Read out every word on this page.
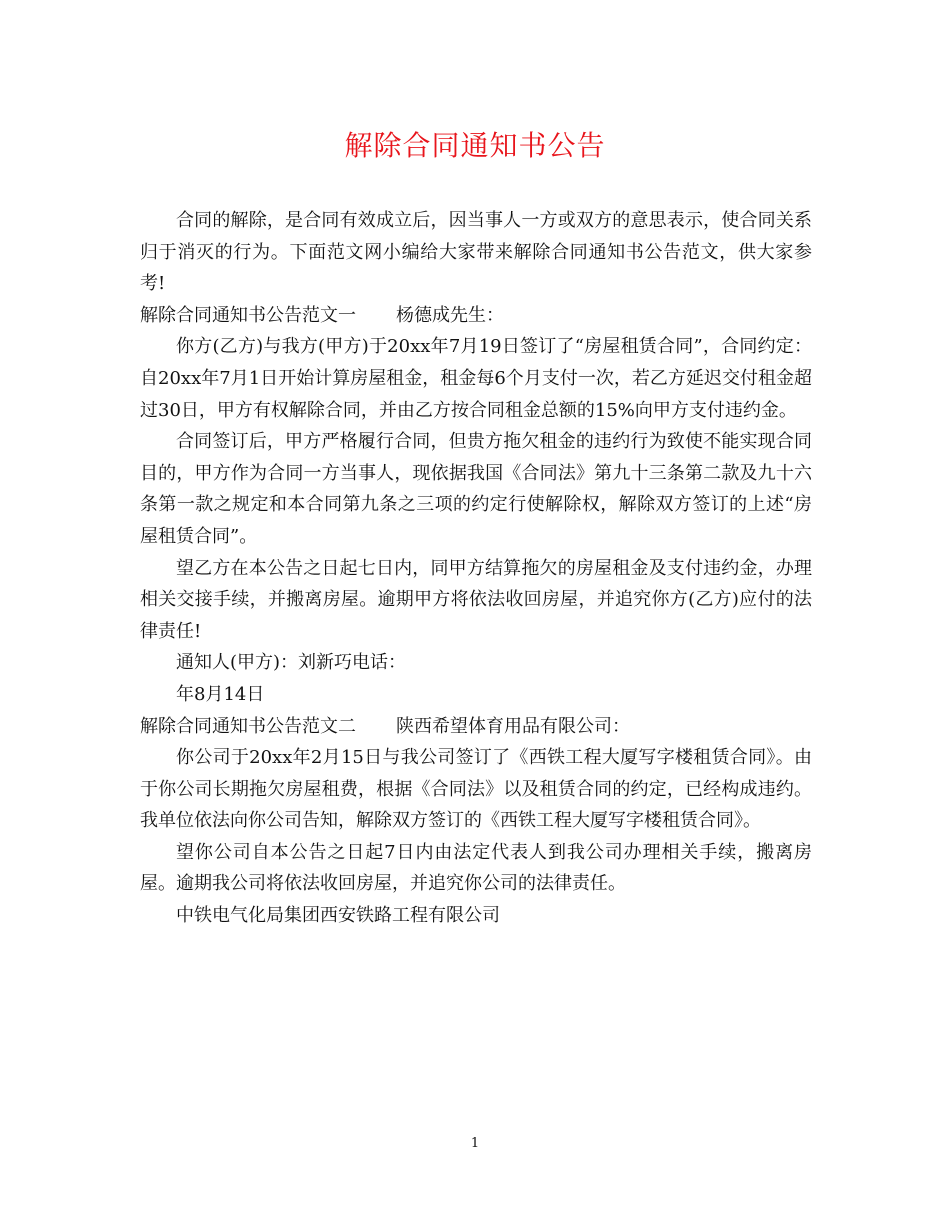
解除合同通知书公告

合同的解除，是合同有效成立后，因当事人一方或双方的意思表示，使合同关系归于消灭的行为。下面范文网小编给大家带来解除合同通知书公告范文，供大家参考!

解除合同通知书公告范文一 杨德成先生：

你方(乙方)与我方(甲方)于20xx年7月19日签订了“房屋租赁合同”，合同约定：自20xx年7月1日开始计算房屋租金，租金每6个月支付一次，若乙方延迟交付租金超过30日，甲方有权解除合同，并由乙方按合同租金总额的15%向甲方支付违约金。

合同签订后，甲方严格履行合同，但贵方拖欠租金的违约行为致使不能实现合同目的，甲方作为合同一方当事人，现依据我国《合同法》第九十三条第二款及九十六条第一款之规定和本合同第九条之三项的约定行使解除权，解除双方签订的上述“房屋租赁合同”。

望乙方在本公告之日起七日内，同甲方结算拖欠的房屋租金及支付违约金，办理相关交接手续，并搬离房屋。逾期甲方将依法收回房屋，并追究你方(乙方)应付的法律责任!

通知人(甲方)：刘新巧电话：

年8月14日

解除合同通知书公告范文二 陕西希望体育用品有限公司：

你公司于20xx年2月15日与我公司签订了《西铁工程大厦写字楼租赁合同》。由于你公司长期拖欠房屋租费，根据《合同法》以及租赁合同的约定，已经构成违约。我单位依法向你公司告知，解除双方签订的《西铁工程大厦写字楼租赁合同》。

望你公司自本公告之日起7日内由法定代表人到我公司办理相关手续，搬离房屋。逾期我公司将依法收回房屋，并追究你公司的法律责任。

中铁电气化局集团西安铁路工程有限公司

1
